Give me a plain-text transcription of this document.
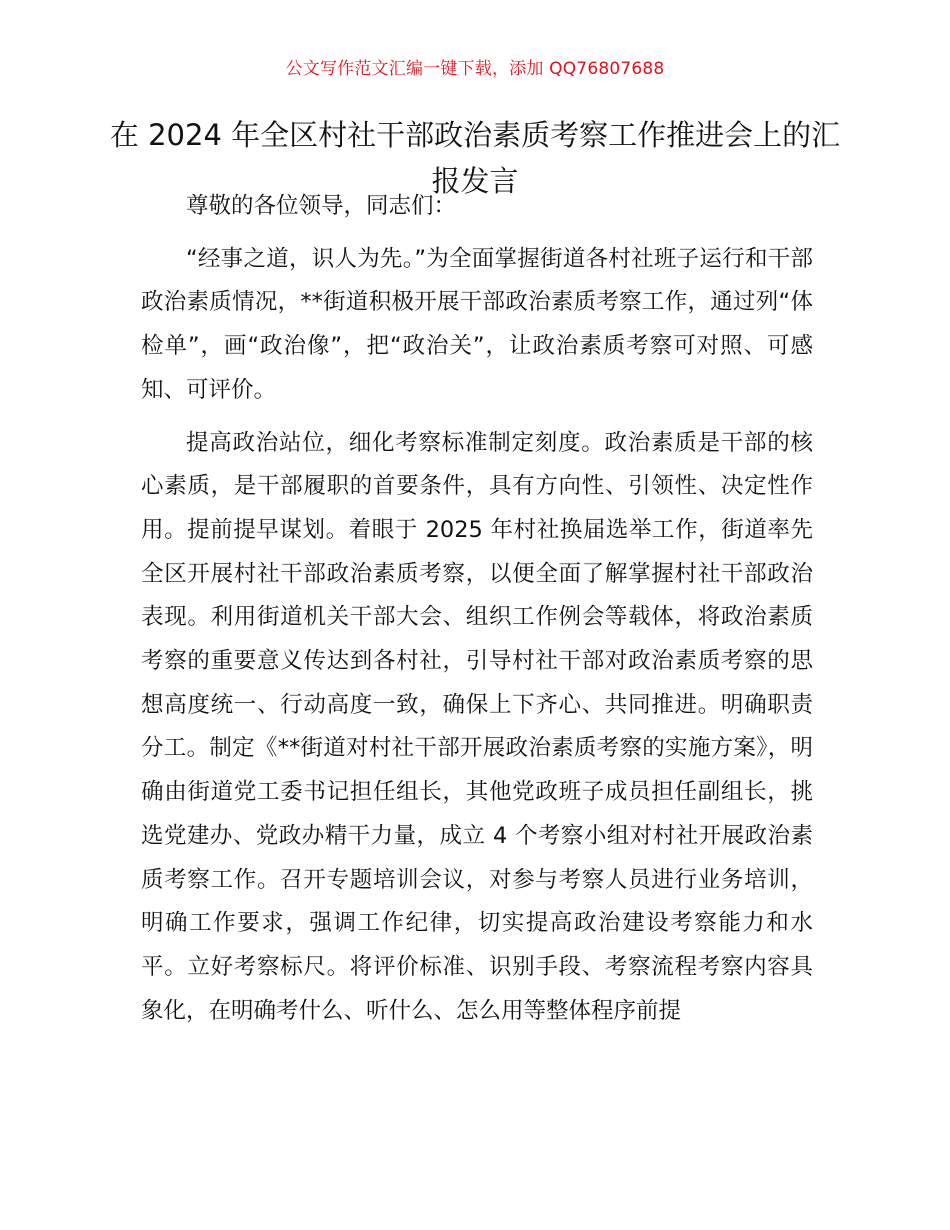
公文写作范文汇编一键下载，添加 QQ76807688
在 2024 年全区村社干部政治素质考察工作推进会上的汇报发言

尊敬的各位领导，同志们：

“经事之道，识人为先。”为全面掌握街道各村社班子运行和干部政治素质情况，**街道积极开展干部政治素质考察工作，通过列“体检单”，画“政治像”，把“政治关”，让政治素质考察可对照、可感知、可评价。

提高政治站位，细化考察标准制定刻度。政治素质是干部的核心素质，是干部履职的首要条件，具有方向性、引领性、决定性作用。提前提早谋划。着眼于 2025 年村社换届选举工作，街道率先全区开展村社干部政治素质考察，以便全面了解掌握村社干部政治表现。利用街道机关干部大会、组织工作例会等载体，将政治素质考察的重要意义传达到各村社，引导村社干部对政治素质考察的思想高度统一、行动高度一致，确保上下齐心、共同推进。明确职责分工。制定《**街道对村社干部开展政治素质考察的实施方案》，明确由街道党工委书记担任组长，其他党政班子成员担任副组长，挑选党建办、党政办精干力量，成立 4 个考察小组对村社开展政治素质考察工作。召开专题培训会议，对参与考察人员进行业务培训，明确工作要求，强调工作纪律，切实提高政治建设考察能力和水平。立好考察标尺。将评价标准、识别手段、考察流程考察内容具象化，在明确考什么、听什么、怎么用等整体程序前提
